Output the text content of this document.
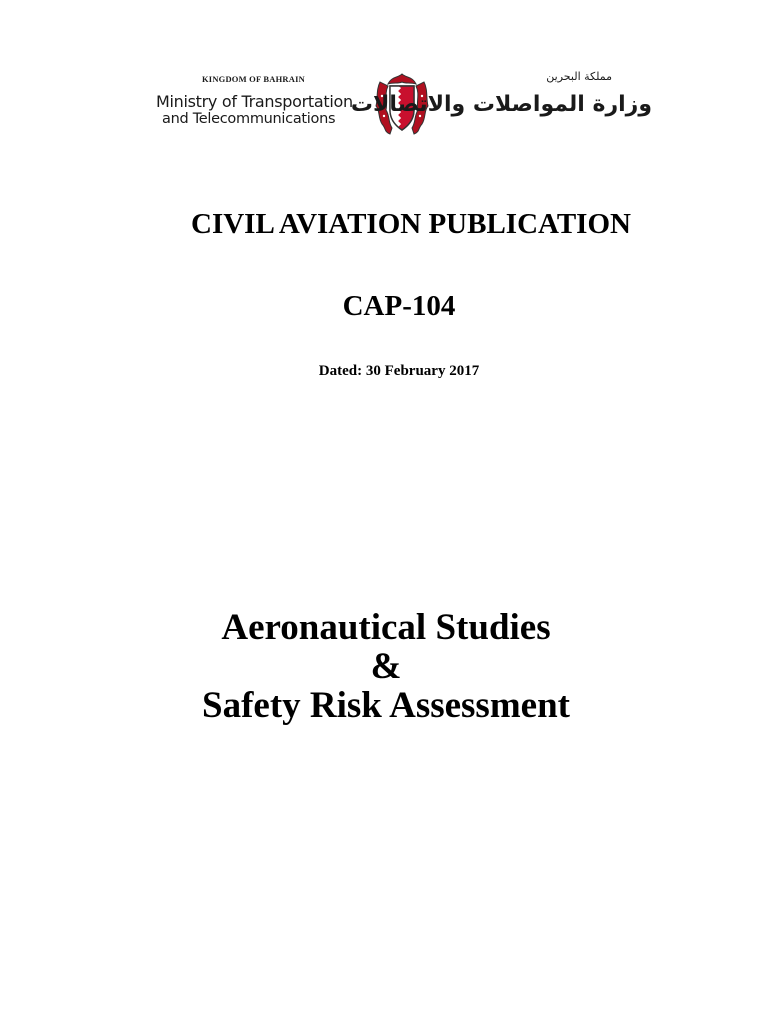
KINGDOM OF BAHRAIN
Ministry of Transportation
and Telecommunications
مملكة البحرين
وزارة المواصلات والاتصالات
CIVIL AVIATION PUBLICATION
CAP-104
Dated: 30 February 2017
Aeronautical Studies
&
Safety Risk Assessment
